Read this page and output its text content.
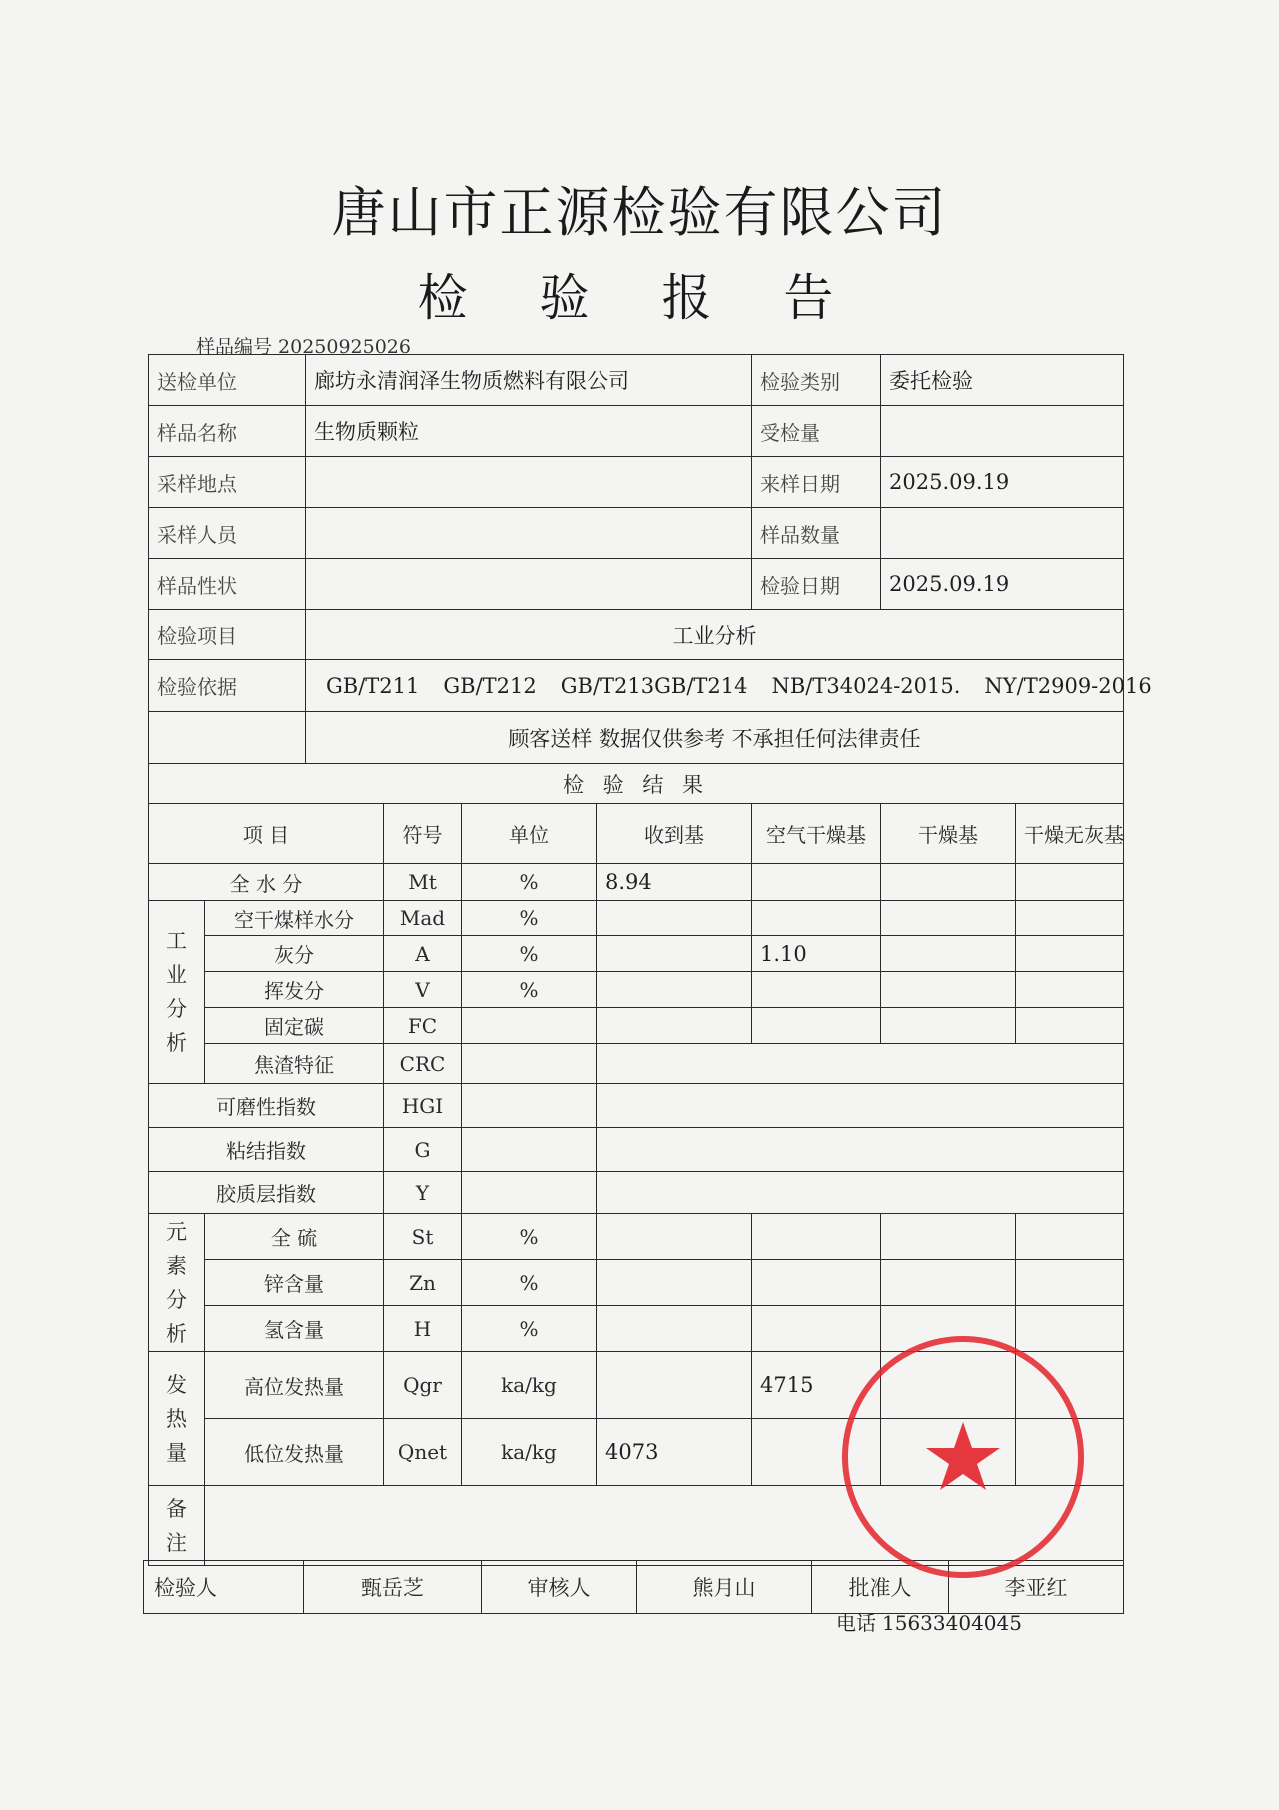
唐山市正源检验有限公司
检 验 报 告
样品编号 20250925026
送检单位		廊坊永清润泽生物质燃料有限公司				检验类别	委托检验	
样品名称		生物质颗粒				受检量		
采样地点						来样日期	2025.09.19	
采样人员						样品数量		
样品性状						检验日期	2025.09.19	
检验项目		工业分析						
检验依据		GB/T211 GB/T212 GB/T213GB/T214 NB/T34024-2015. NY/T2909-2016						
		顾客送样 数据仅供参考 不承担任何法律责任						
检 验 结 果								
项 目			符号	单位	收到基	空气干燥基	干燥基	干燥无灰基
全 水 分			Mt	%	8.94			
工业分析	空干煤样水分		Mad	%				
	灰分		A	%		1.10		
	挥发分		V	%				
	固定碳		FC					
	焦渣特征		CRC					
可磨性指数			HGI					
粘结指数			G					
胶质层指数			Y					
元素分析	全 硫		St	%				
	锌含量		Zn	%				
	氢含量		H	%				
发热量	高位发热量		Qgr	ka/kg		4715		
	低位发热量		Qnet	ka/kg	4073			
备注								
检验人	甄岳芝	审核人	熊月山	批准人	李亚红
电话 15633404045
